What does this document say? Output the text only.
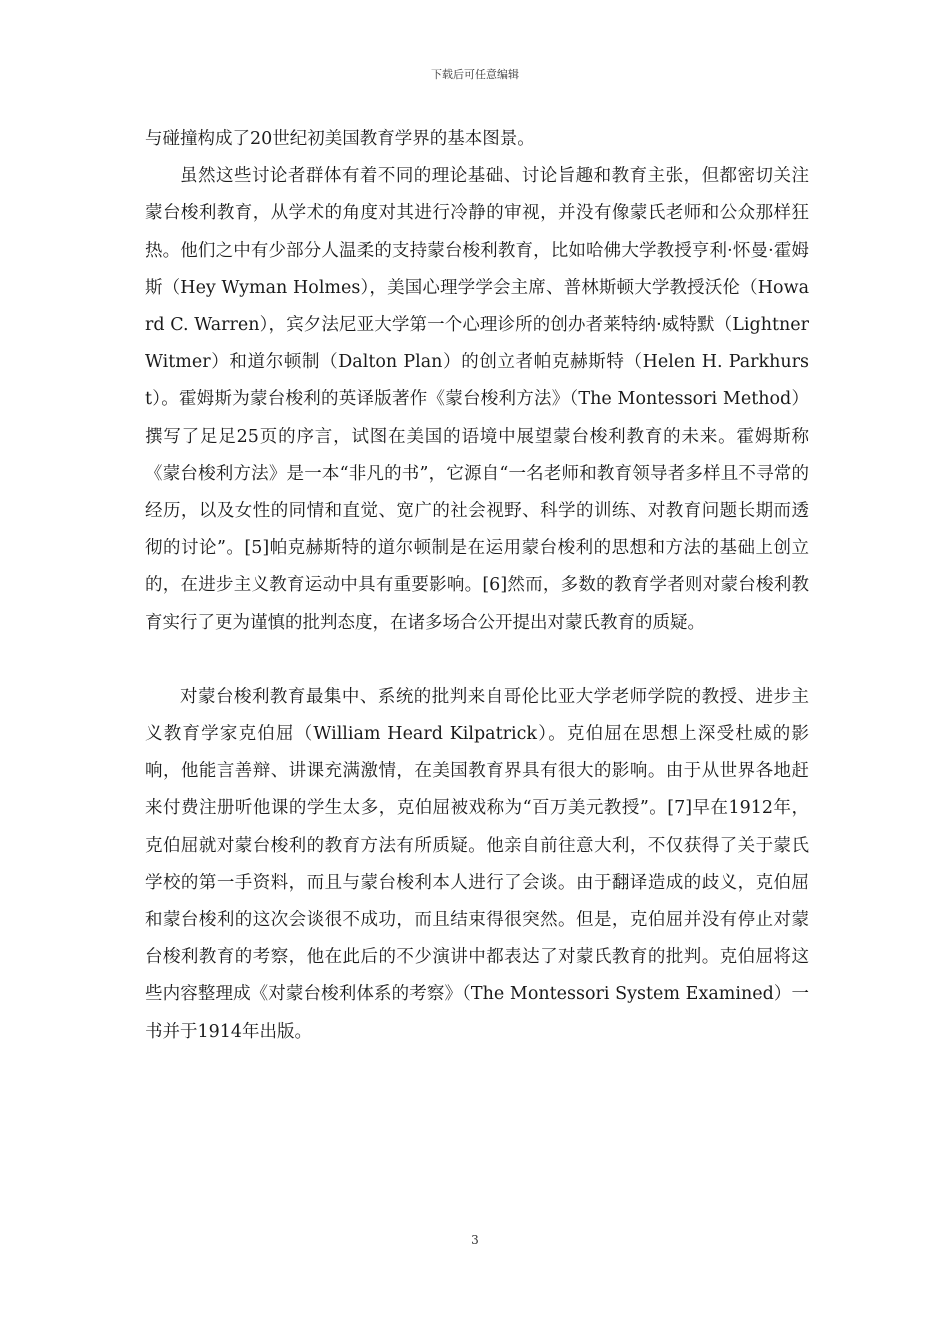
下载后可任意编辑

与碰撞构成了20世纪初美国教育学界的基本图景。

虽然这些讨论者群体有着不同的理论基础、讨论旨趣和教育主张，但都密切关注蒙台梭利教育，从学术的角度对其进行冷静的审视，并没有像蒙氏老师和公众那样狂热。他们之中有少部分人温柔的支持蒙台梭利教育，比如哈佛大学教授亨利·怀曼·霍姆斯（Hey Wyman Holmes），美国心理学学会主席、普林斯顿大学教授沃伦（Howard C. Warren），宾夕法尼亚大学第一个心理诊所的创办者莱特纳·威特默（Lightner Witmer）和道尔顿制（Dalton Plan）的创立者帕克赫斯特（Helen H. Parkhurst）。霍姆斯为蒙台梭利的英译版著作《蒙台梭利方法》（The Montessori Method）撰写了足足25页的序言，试图在美国的语境中展望蒙台梭利教育的未来。霍姆斯称《蒙台梭利方法》是一本“非凡的书”，它源自“一名老师和教育领导者多样且不寻常的经历，以及女性的同情和直觉、宽广的社会视野、科学的训练、对教育问题长期而透彻的讨论”。[5]帕克赫斯特的道尔顿制是在运用蒙台梭利的思想和方法的基础上创立的，在进步主义教育运动中具有重要影响。[6]然而，多数的教育学者则对蒙台梭利教育实行了更为谨慎的批判态度，在诸多场合公开提出对蒙氏教育的质疑。

对蒙台梭利教育最集中、系统的批判来自哥伦比亚大学老师学院的教授、进步主义教育学家克伯屈（William Heard Kilpatrick）。克伯屈在思想上深受杜威的影响，他能言善辩、讲课充满激情，在美国教育界具有很大的影响。由于从世界各地赶来付费注册听他课的学生太多，克伯屈被戏称为“百万美元教授”。[7]早在1912年，克伯屈就对蒙台梭利的教育方法有所质疑。他亲自前往意大利，不仅获得了关于蒙氏学校的第一手资料，而且与蒙台梭利本人进行了会谈。由于翻译造成的歧义，克伯屈和蒙台梭利的这次会谈很不成功，而且结束得很突然。但是，克伯屈并没有停止对蒙台梭利教育的考察，他在此后的不少演讲中都表达了对蒙氏教育的批判。克伯屈将这些内容整理成《对蒙台梭利体系的考察》（The Montessori System Examined）一书并于1914年出版。

3
